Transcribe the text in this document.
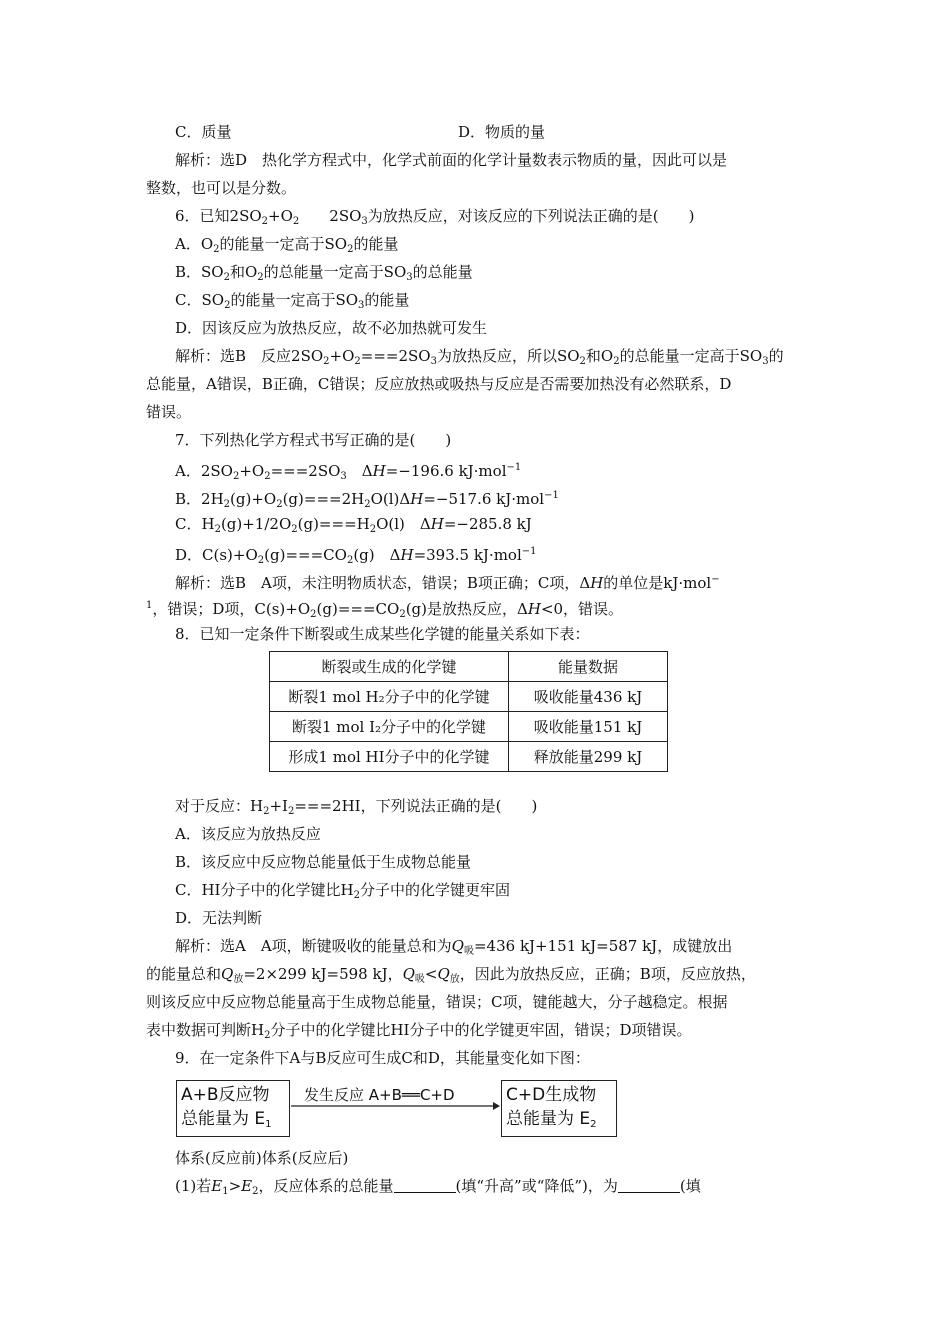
C．质量	D．物质的量
解析：选D　热化学方程式中，化学式前面的化学计量数表示物质的量，因此可以是
整数，也可以是分数。
6．已知$2SO_2+O_2$　　$2SO_3$为放热反应，对该反应的下列说法正确的是(　　)
A．$O_2$的能量一定高于$SO_2$的能量
B．$SO_2$和$O_2$的总能量一定高于$SO_3$的总能量
C．$SO_2$的能量一定高于$SO_3$的能量
D．因该反应为放热反应，故不必加热就可发生
解析：选B　反应$2SO_2+O_2===2SO_3$为放热反应，所以$SO_2$和$O_2$的总能量一定高于$SO_3$的
总能量，A错误，B正确，C错误；反应放热或吸热与反应是否需要加热没有必然联系，D
错误。
7．下列热化学方程式书写正确的是(　　)
A．$2SO_2+O_2===2SO_3$　ΔH=−196.6 kJ·mol$^{-1}$
B．$2H_2(g)+O_2(g)===2H_2O(l)\Delta H=-517.6$ kJ·mol$^{-1}$
C．$H_2(g)+1/2O_2(g)===H_2O(l)$　ΔH=−285.8 kJ
D．$C(s)+O_2(g)===CO_2(g)$　ΔH=393.5 kJ·mol$^{-1}$
解析：选B　A项，未注明物质状态，错误；B项正确；C项，ΔH的单位是kJ·mol−
$^1$，错误；D项，$C(s)+O_2(g)===CO_2(g)$是放热反应，ΔH<0，错误。
8．已知一定条件下断裂或生成某些化学键的能量关系如下表：
断裂或生成的化学键	能量数据
断裂1 mol H₂分子中的化学键	吸收能量436 kJ
断裂1 mol I₂分子中的化学键	吸收能量151 kJ
形成1 mol HI分子中的化学键	释放能量299 kJ
对于反应：$H_2+I_2===2HI$，下列说法正确的是(　　)
A．该反应为放热反应
B．该反应中反应物总能量低于生成物总能量
C．HI分子中的化学键比$H_2$分子中的化学键更牢固
D．无法判断
解析：选A　A项，断键吸收的能量总和为$Q_吸=436$ kJ+151 kJ=587 kJ，成键放出
的能量总和$Q_放=2\times 299$ kJ=598 kJ，$Q_吸<Q_放$，因此为放热反应，正确；B项，反应放热，
则该反应中反应物总能量高于生成物总能量，错误；C项，键能越大，分子越稳定。根据
表中数据可判断$H_2$分子中的化学键比HI分子中的化学键更牢固，错误；D项错误。
9．在一定条件下A与B反应可生成C和D，其能量变化如下图：
A+B反应物
总能量为 $E_1$
发生反应 A+B══C+D	C+D生成物
总能量为 $E_2$
体系(反应前)体系(反应后)
(1)若$E_1>E_2$，反应体系的总能量	(填“升高”或“降低”)，为	(填
